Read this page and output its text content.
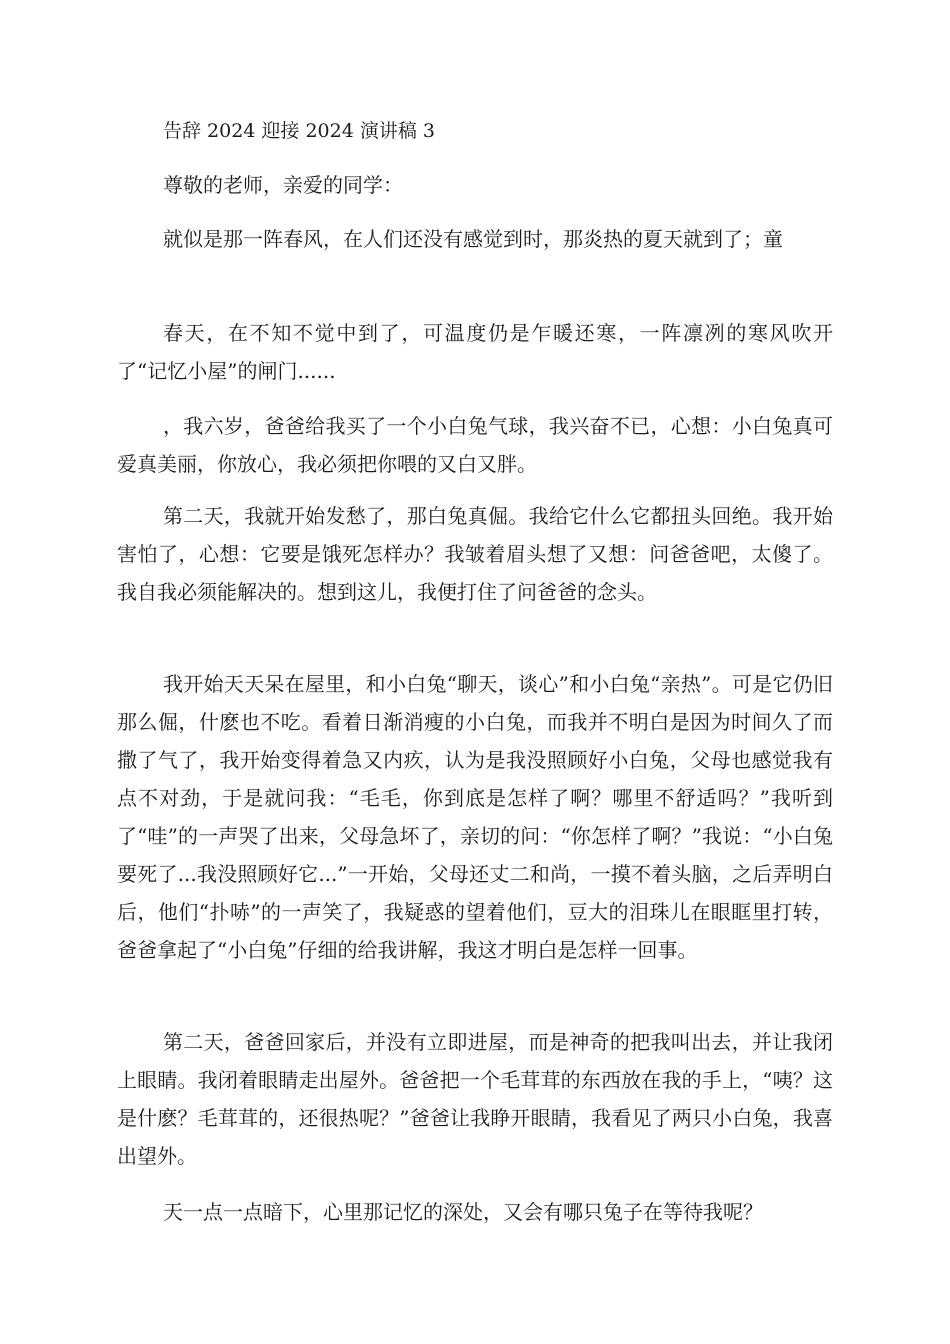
告辞 2024 迎接 2024 演讲稿 3

尊敬的老师，亲爱的同学：

就似是那一阵春风，在人们还没有感觉到时，那炎热的夏天就到了；童

春天，在不知不觉中到了，可温度仍是乍暖还寒，一阵凛冽的寒风吹开了“记忆小屋”的闸门......

，我六岁，爸爸给我买了一个小白兔气球，我兴奋不已，心想：小白兔真可爱真美丽，你放心，我必须把你喂的又白又胖。

第二天，我就开始发愁了，那白兔真倔。我给它什么它都扭头回绝。我开始害怕了，心想：它要是饿死怎样办？我皱着眉头想了又想：问爸爸吧，太傻了。我自我必须能解决的。想到这儿，我便打住了问爸爸的念头。

我开始天天呆在屋里，和小白兔“聊天，谈心”和小白兔“亲热”。可是它仍旧那么倔，什麽也不吃。看着日渐消瘦的小白兔，而我并不明白是因为时间久了而撒了气了，我开始变得着急又内疚，认为是我没照顾好小白兔，父母也感觉我有点不对劲，于是就问我：“毛毛，你到底是怎样了啊？哪里不舒适吗？”我听到了“哇”的一声哭了出来，父母急坏了，亲切的问：“你怎样了啊？”我说：“小白兔要死了...我没照顾好它...”一开始，父母还丈二和尚，一摸不着头脑，之后弄明白后，他们“扑哧”的一声笑了，我疑惑的望着他们，豆大的泪珠儿在眼眶里打转，爸爸拿起了“小白兔”仔细的给我讲解，我这才明白是怎样一回事。

第二天，爸爸回家后，并没有立即进屋，而是神奇的把我叫出去，并让我闭上眼睛。我闭着眼睛走出屋外。爸爸把一个毛茸茸的东西放在我的手上，“咦？这是什麽？毛茸茸的，还很热呢？”爸爸让我睁开眼睛，我看见了两只小白兔，我喜出望外。

天一点一点暗下，心里那记忆的深处，又会有哪只兔子在等待我呢？
